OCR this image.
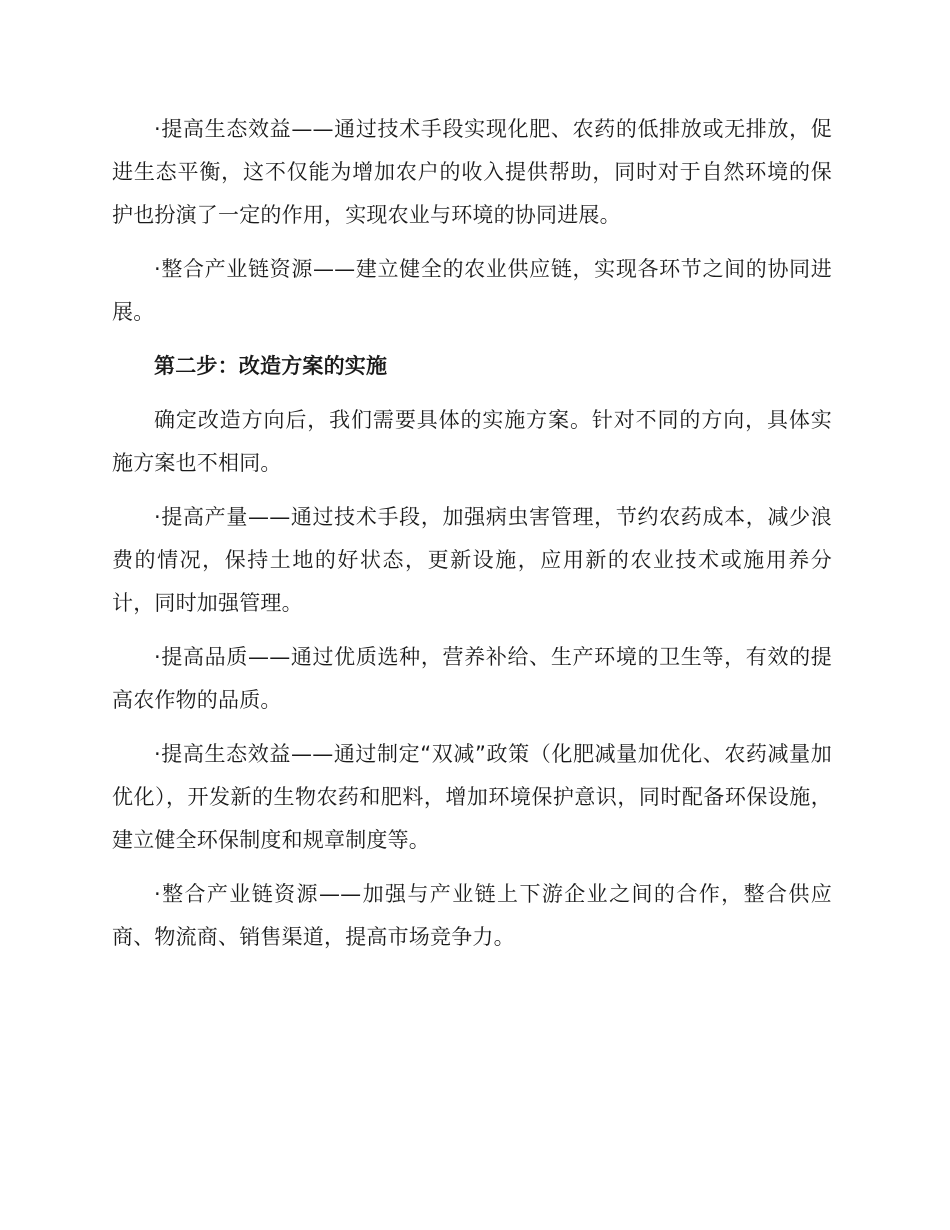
·提高生态效益——通过技术手段实现化肥、农药的低排放或无排放，促进生态平衡，这不仅能为增加农户的收入提供帮助，同时对于自然环境的保护也扮演了一定的作用，实现农业与环境的协同进展。

·整合产业链资源——建立健全的农业供应链，实现各环节之间的协同进展。

第二步：改造方案的实施

确定改造方向后，我们需要具体的实施方案。针对不同的方向，具体实施方案也不相同。

·提高产量——通过技术手段，加强病虫害管理，节约农药成本，减少浪费的情况，保持土地的好状态，更新设施，应用新的农业技术或施用养分计，同时加强管理。

·提高品质——通过优质选种，营养补给、生产环境的卫生等，有效的提高农作物的品质。

·提高生态效益——通过制定“双减”政策（化肥减量加优化、农药减量加优化），开发新的生物农药和肥料，增加环境保护意识，同时配备环保设施，建立健全环保制度和规章制度等。

·整合产业链资源——加强与产业链上下游企业之间的合作，整合供应商、物流商、销售渠道，提高市场竞争力。
